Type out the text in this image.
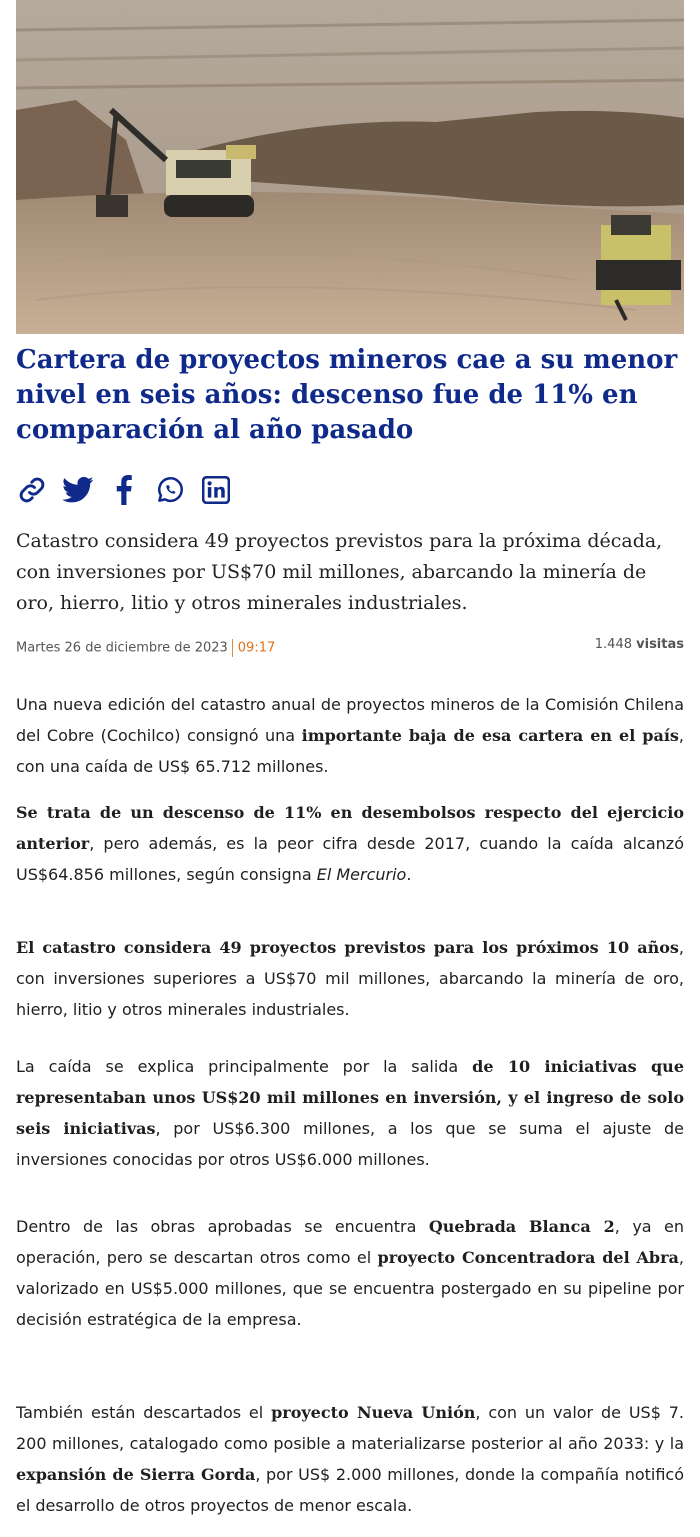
Cartera de proyectos mineros cae a su menor nivel en seis años: descenso fue de 11% en comparación al año pasado

Catastro considera 49 proyectos previstos para la próxima década, con inversiones por US$70 mil millones, abarcando la minería de oro, hierro, litio y otros minerales industriales.

Martes 26 de diciembre de 2023 09:17	1.448 visitas

Una nueva edición del catastro anual de proyectos mineros de la Comisión Chilena del Cobre (Cochilco) consignó una importante baja de esa cartera en el país, con una caída de US$ 65.712 millones.

Se trata de un descenso de 11% en desembolsos respecto del ejercicio anterior, pero además, es la peor cifra desde 2017, cuando la caída alcanzó US$64.856 millones, según consigna El Mercurio.

El catastro considera 49 proyectos previstos para los próximos 10 años, con inversiones superiores a US$70 mil millones, abarcando la minería de oro, hierro, litio y otros minerales industriales.

La caída se explica principalmente por la salida de 10 iniciativas que representaban unos US$20 mil millones en inversión, y el ingreso de solo seis iniciativas, por US$6.300 millones, a los que se suma el ajuste de inversiones conocidas por otros US$6.000 millones.

Dentro de las obras aprobadas se encuentra Quebrada Blanca 2, ya en operación, pero se descartan otros como el proyecto Concentradora del Abra, valorizado en US$5.000 millones, que se encuentra postergado en su pipeline por decisión estratégica de la empresa.

También están descartados el proyecto Nueva Unión, con un valor de US$ 7. 200 millones, catalogado como posible a materializarse posterior al año 2033: y la expansión de Sierra Gorda, por US$ 2.000 millones, donde la compañía notificó el desarrollo de otros proyectos de menor escala.
